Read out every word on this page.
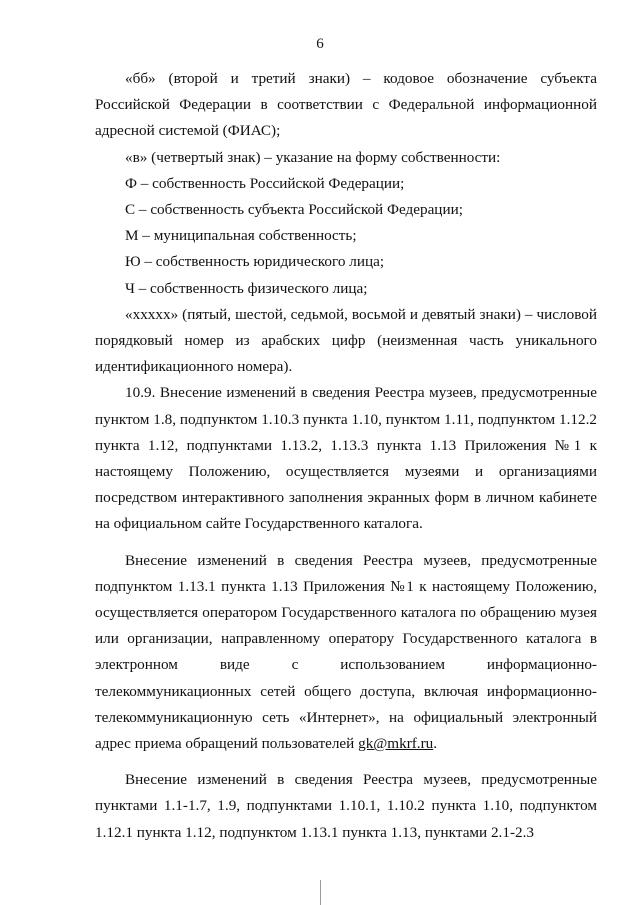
6

«бб» (второй и третий знаки) – кодовое обозначение субъекта Российской Федерации в соответствии с Федеральной информационной адресной системой (ФИАС);

«в» (четвертый знак) – указание на форму собственности:

Ф – собственность Российской Федерации;

С – собственность субъекта Российской Федерации;

М – муниципальная собственность;

Ю – собственность юридического лица;

Ч – собственность физического лица;

«ххххх» (пятый, шестой, седьмой, восьмой и девятый знаки) – числовой порядковый номер из арабских цифр (неизменная часть уникального идентификационного номера).

10.9. Внесение изменений в сведения Реестра музеев, предусмотренные пунктом 1.8, подпунктом 1.10.3 пункта 1.10, пунктом 1.11, подпунктом 1.12.2 пункта 1.12, подпунктами 1.13.2, 1.13.3 пункта 1.13 Приложения №1 к настоящему Положению, осуществляется музеями и организациями посредством интерактивного заполнения экранных форм в личном кабинете на официальном сайте Государственного каталога.

Внесение изменений в сведения Реестра музеев, предусмотренные подпунктом 1.13.1 пункта 1.13 Приложения №1 к настоящему Положению, осуществляется оператором Государственного каталога по обращению музея или организации, направленному оператору Государственного каталога в электронном виде с использованием информационно-телекоммуникационных сетей общего доступа, включая информационно-телекоммуникационную сеть «Интернет», на официальный электронный адрес приема обращений пользователей gk@mkrf.ru.

Внесение изменений в сведения Реестра музеев, предусмотренные пунктами 1.1-1.7, 1.9, подпунктами 1.10.1, 1.10.2 пункта 1.10, подпунктом 1.12.1 пункта 1.12, подпунктом 1.13.1 пункта 1.13, пунктами 2.1-2.3
